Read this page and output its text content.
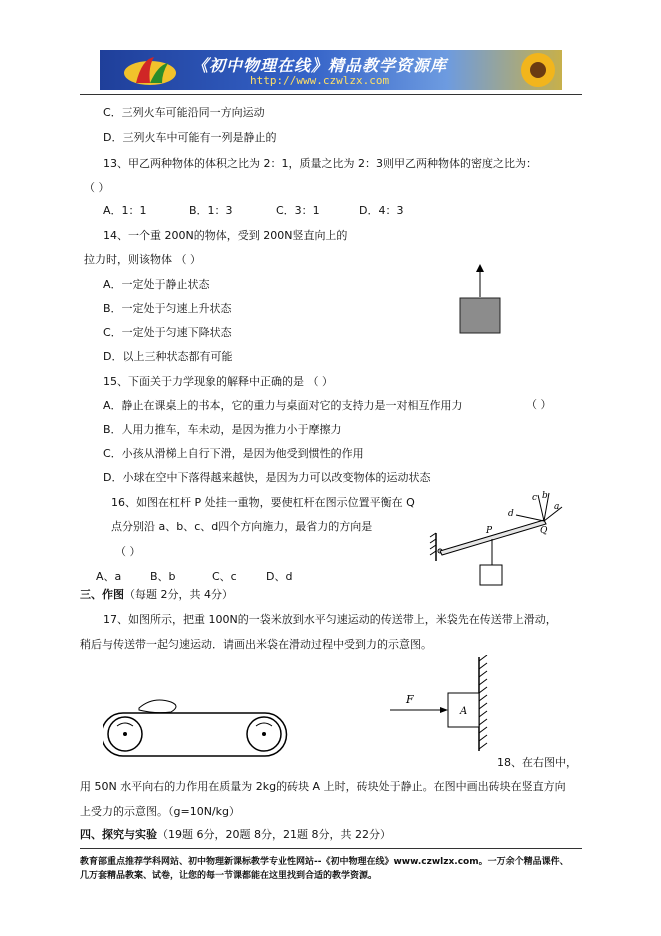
《初中物理在线》精品教学资源库
http://www.czwlzx.com
C．三列火车可能沿同一方向运动
D．三列火车中可能有一列是静止的
13、甲乙两种物体的体积之比为 2：1，质量之比为 2：3则甲乙两种物体的密度之比为：
（ ）
A．1：1	B．1：3	C．3：1	D．4：3
14、一个重 200N的物体，受到 200N竖直向上的
拉力时，则该物体 （ ）
A．一定处于静止状态
B．一定处于匀速上升状态
C．一定处于匀速下降状态
D．以上三种状态都有可能
15、下面关于力学现象的解释中正确的是 （ ）
A．静止在课桌上的书本，它的重力与桌面对它的支持力是一对相互作用力	（ ）
B．人用力推车，车未动，是因为推力小于摩擦力
C．小孩从滑梯上自行下滑，是因为他受到惯性的作用
D．小球在空中下落得越来越快，是因为力可以改变物体的运动状态
16、如图在杠杆 P 处挂一重物，要使杠杆在图示位置平衡在 Q
点分别沿 a、b、c、d四个方向施力，最省力的方向是
（ ）
A、a	B、b	C、c	D、d
d
c b
a
P	Q
三、作图（每题 2分，共 4分）
17、如图所示，把重 100N的一袋米放到水平匀速运动的传送带上，米袋先在传送带上滑动，
稍后与传送带一起匀速运动．请画出米袋在滑动过程中受到力的示意图。
F
A
18、在右图中，
用 50N 水平向右的力作用在质量为 2kg的砖块 A 上时，砖块处于静止。在图中画出砖块在竖直方向
上受力的示意图。（g=10N/kg）
四、探究与实验（19题 6分，20题 8分，21题 8分，共 22分）
教育部重点推荐学科网站、初中物理新课标教学专业性网站--《初中物理在线》www.czwlzx.com。一万余个精品课件、
几万套精品教案、试卷，让您的每一节课都能在这里找到合适的教学资源。
